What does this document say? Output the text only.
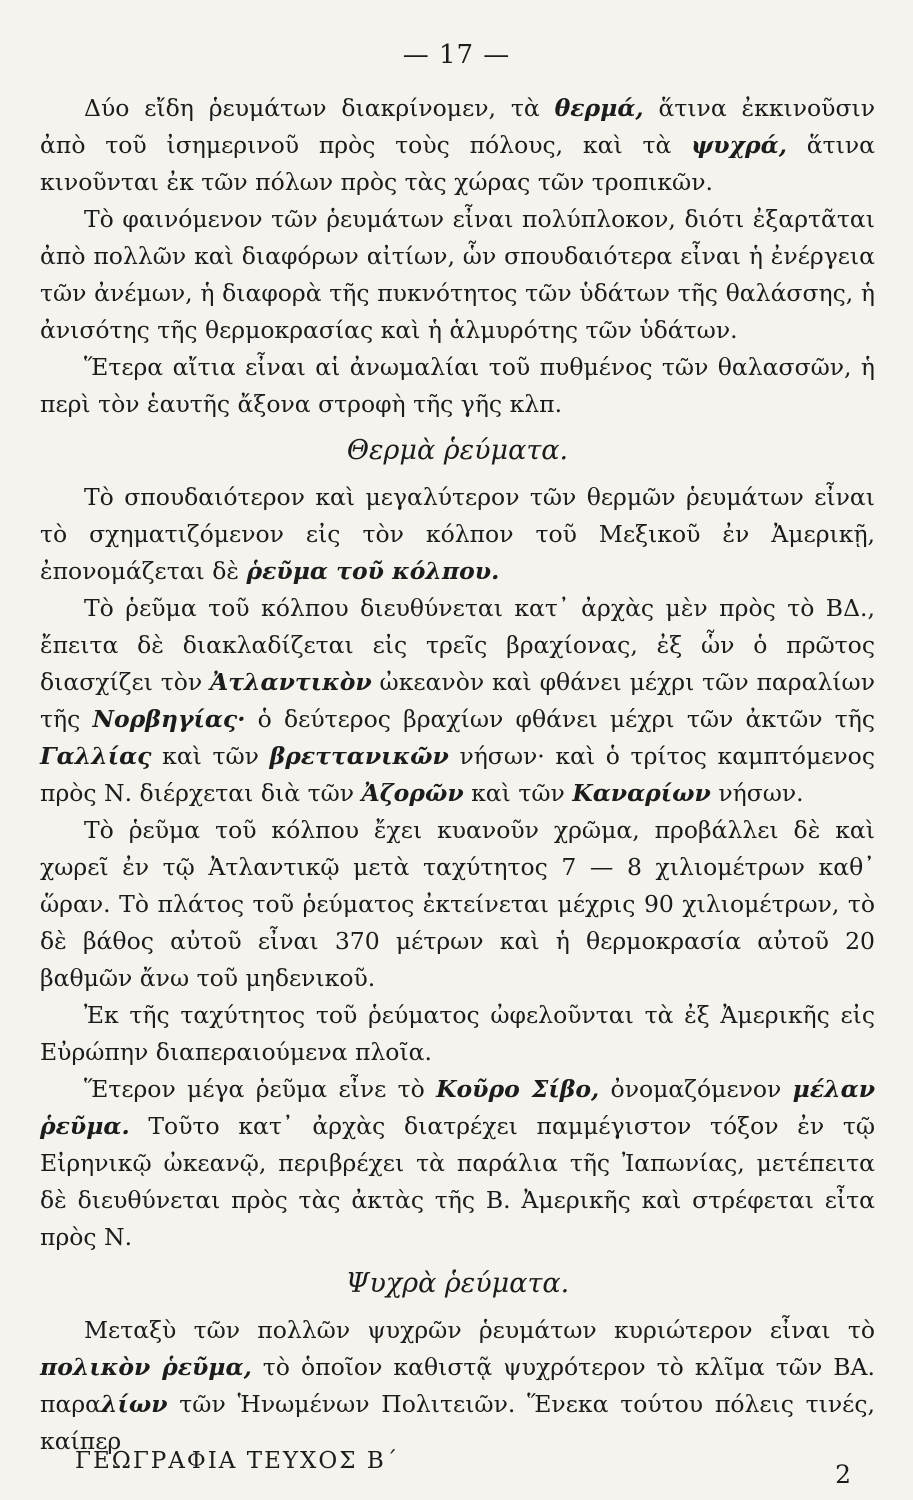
— 17 —

Δύο εἴδη ῥευμάτων διακρίνομεν, τὰ θερμά, ἅτινα ἐκκινοῦσιν ἀπὸ τοῦ ἰσημερινοῦ πρὸς τοὺς πόλους, καὶ τὰ ψυχρά, ἅτινα κινοῦνται ἐκ τῶν πόλων πρὸς τὰς χώρας τῶν τροπικῶν.

Τὸ φαινόμενον τῶν ῥευμάτων εἶναι πολύπλοκον, διότι ἐξαρτᾶται ἀπὸ πολλῶν καὶ διαφόρων αἰτίων, ὧν σπουδαιότερα εἶναι ἡ ἐνέργεια τῶν ἀνέμων, ἡ διαφορὰ τῆς πυκνότητος τῶν ὑδάτων τῆς θαλάσσης, ἡ ἀνισότης τῆς θερμοκρασίας καὶ ἡ ἁλμυρότης τῶν ὑδάτων.

Ἕτερα αἴτια εἶναι αἱ ἀνωμαλίαι τοῦ πυθμένος τῶν θαλασσῶν, ἡ περὶ τὸν ἑαυτῆς ἄξονα στροφὴ τῆς γῆς κλπ.

Θερμὰ ῥεύματα.

Τὸ σπουδαιότερον καὶ μεγαλύτερον τῶν θερμῶν ῥευμάτων εἶναι τὸ σχηματιζόμενον εἰς τὸν κόλπον τοῦ Μεξικοῦ ἐν Ἀμερικῇ, ἐπονομάζεται δὲ ῥεῦμα τοῦ κόλπου.

Τὸ ῥεῦμα τοῦ κόλπου διευθύνεται κατ᾽ ἀρχὰς μὲν πρὸς τὸ ΒΔ., ἔπειτα δὲ διακλαδίζεται εἰς τρεῖς βραχίονας, ἐξ ὧν ὁ πρῶτος διασχίζει τὸν Ἀτλαντικὸν ὠκεανὸν καὶ φθάνει μέχρι τῶν παραλίων τῆς Νορβηγίας· ὁ δεύτερος βραχίων φθάνει μέχρι τῶν ἀκτῶν τῆς Γαλλίας καὶ τῶν βρεττανικῶν νήσων· καὶ ὁ τρίτος καμπτόμενος πρὸς Ν. διέρχεται διὰ τῶν Ἀζορῶν καὶ τῶν Καναρίων νήσων.

Τὸ ῥεῦμα τοῦ κόλπου ἔχει κυανοῦν χρῶμα, προβάλλει δὲ καὶ χωρεῖ ἐν τῷ Ἀτλαντικῷ μετὰ ταχύτητος 7 — 8 χιλιομέτρων καθ᾽ ὥραν. Τὸ πλάτος τοῦ ῥεύματος ἐκτείνεται μέχρις 90 χιλιομέτρων, τὸ δὲ βάθος αὐτοῦ εἶναι 370 μέτρων καὶ ἡ θερμοκρασία αὐτοῦ 20 βαθμῶν ἄνω τοῦ μηδενικοῦ.

Ἐκ τῆς ταχύτητος τοῦ ῥεύματος ὠφελοῦνται τὰ ἐξ Ἀμερικῆς εἰς Εὐρώπην διαπεραιούμενα πλοῖα.

Ἕτερον μέγα ῥεῦμα εἶνε τὸ Κοῦρο Σίβο, ὀνομαζόμενον μέλαν ῥεῦμα. Τοῦτο κατ᾽ ἀρχὰς διατρέχει παμμέγιστον τόξον ἐν τῷ Εἰρηνικῷ ὠκεανῷ, περιβρέχει τὰ παράλια τῆς Ἰαπωνίας, μετέπειτα δὲ διευθύνεται πρὸς τὰς ἀκτὰς τῆς Β. Ἀμερικῆς καὶ στρέφεται εἶτα πρὸς Ν.

Ψυχρὰ ῥεύματα.

Μεταξὺ τῶν πολλῶν ψυχρῶν ῥευμάτων κυριώτερον εἶναι τὸ πολικὸν ῥεῦμα, τὸ ὁποῖον καθιστᾷ ψυχρότερον τὸ κλῖμα τῶν ΒΑ. παραλίων τῶν Ἡνωμένων Πολιτειῶν. Ἕνεκα τούτου πόλεις τινές, καίπερ

ΓΕΩΓΡΑΦΙΑ ΤΕΥΧΟΣ Β΄	2
